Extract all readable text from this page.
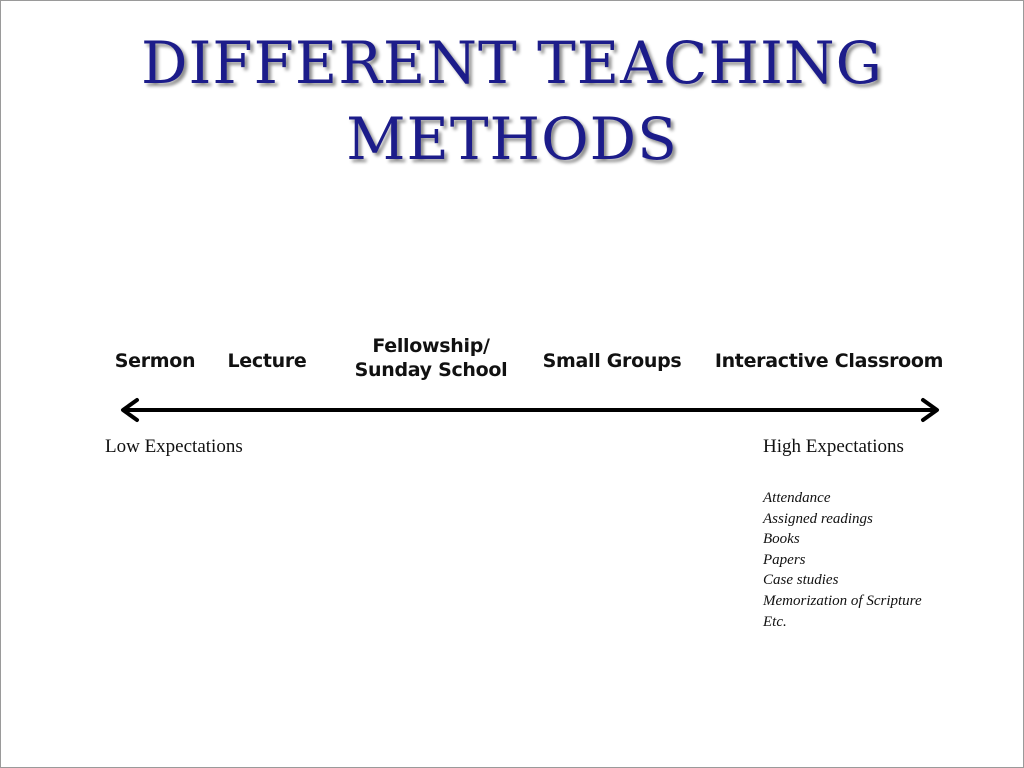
DIFFERENT TEACHING
METHODS
Sermon	Lecture
Fellowship/
Sunday School	Small Groups	Interactive Classroom
Low Expectations	High Expectations
Attendance
Assigned readings
Books
Papers
Case studies
Memorization of Scripture
Etc.
